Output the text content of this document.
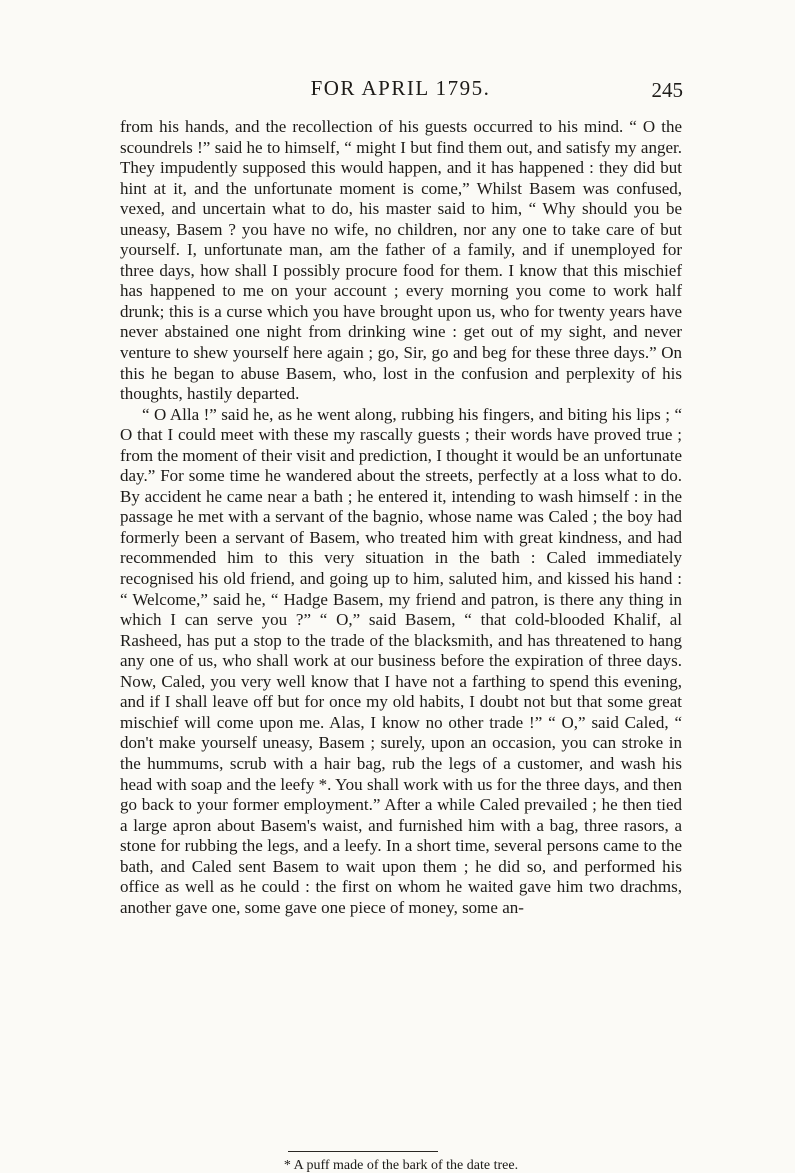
FOR APRIL 1795.	245

from his hands, and the recollection of his guests occurred to his mind. “ O the scoundrels !” said he to himself, “ might I but find them out, and satisfy my anger. They impudently supposed this would happen, and it has happened : they did but hint at it, and the unfortunate moment is come,” Whilst Basem was confused, vexed, and uncertain what to do, his master said to him, “ Why should you be uneasy, Basem ? you have no wife, no children, nor any one to take care of but yourself. I, unfortunate man, am the father of a family, and if unemployed for three days, how shall I possibly procure food for them. I know that this mischief has happened to me on your account ; every morning you come to work half drunk; this is a curse which you have brought upon us, who for twenty years have never abstained one night from drinking wine : get out of my sight, and never venture to shew yourself here again ; go, Sir, go and beg for these three days.” On this he began to abuse Basem, who, lost in the confusion and perplexity of his thoughts, hastily departed.

“ O Alla !” said he, as he went along, rubbing his fingers, and biting his lips ; “ O that I could meet with these my rascally guests ; their words have proved true ; from the moment of their visit and prediction, I thought it would be an unfortunate day.” For some time he wandered about the streets, perfectly at a loss what to do. By accident he came near a bath ; he entered it, intending to wash himself : in the passage he met with a servant of the bagnio, whose name was Caled ; the boy had formerly been a servant of Basem, who treated him with great kindness, and had recommended him to this very situation in the bath : Caled immediately recognised his old friend, and going up to him, saluted him, and kissed his hand : “ Welcome,” said he, “ Hadge Basem, my friend and patron, is there any thing in which I can serve you ?” “ O,” said Basem, “ that cold-blooded Khalif, al Rasheed, has put a stop to the trade of the blacksmith, and has threatened to hang any one of us, who shall work at our business before the expiration of three days. Now, Caled, you very well know that I have not a farthing to spend this evening, and if I shall leave off but for once my old habits, I doubt not but that some great mischief will come upon me. Alas, I know no other trade !” “ O,” said Caled, “ don't make yourself uneasy, Basem ; surely, upon an occasion, you can stroke in the hummums, scrub with a hair bag, rub the legs of a customer, and wash his head with soap and the leefy *. You shall work with us for the three days, and then go back to your former employment.” After a while Caled prevailed ; he then tied a large apron about Basem's waist, and furnished him with a bag, three rasors, a stone for rubbing the legs, and a leefy. In a short time, several persons came to the bath, and Caled sent Basem to wait upon them ; he did so, and performed his office as well as he could : the first on whom he waited gave him two drachms, another gave one, some gave one piece of money, some an-

* A puff made of the bark of the date tree.
